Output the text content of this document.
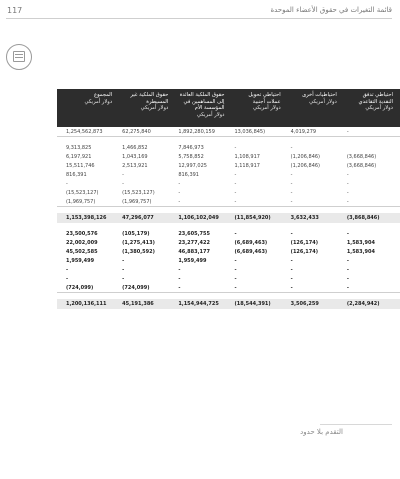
117	قائمة التغيرات في حقوق الأعضاء الموحدة
احتياطي تدفق النقدية التقاعدي
دولار أمريكي
احتياطيات أخرى
دولار أمريكي
احتياطي تحويل عملات أجنبية
دولار أمريكي
حقوق الملكية العائدة إلى المساهمين في المؤسسة الأم
دولار أمريكي
حقوق الملكية غير المسيطرة
دولار أمريكي
المجموع
دولار أمريكي
-
4,019,279
13,036,845)
1,892,280,159
62,275,840
1,254,562,873
-
-
7,846,973
1,466,852
9,313,825
(3,668,846)
(1,206,846)
1,108,917
5,758,852
1,043,169
6,197,921
(3,668,846)
(1,206,846)
1,118,917
12,997,025
2,513,921
15,511,746
-
-
-
816,391
-
816,391
-
-
-
-
-
-
-
-
-
-
(15,523,127)
(15,523,127)
-
-
-
-
(1,969,757)
(1,969,757)
(3,868,846)
3,632,433
(11,854,920)
1,106,102,049
47,296,077
1,153,398,126
-
-
-
23,605,755
(105,179)
23,500,576
1,583,904
(126,174)
(6,689,463)
23,277,422
(1,275,413)
22,002,009
1,583,904
(126,174)
(6,689,463)
46,883,177
(1,380,592)
45,502,585
-
-
-
1,959,499
-
1,959,499
-
-
-
-
-
-
-
-
-
-
-
-
-
-
-
-
(724,099)
(724,099)
(2,284,942)
3,506,259
(18,544,391)
1,154,944,725
45,191,386
1,200,136,111
التقدم بلا حدود
